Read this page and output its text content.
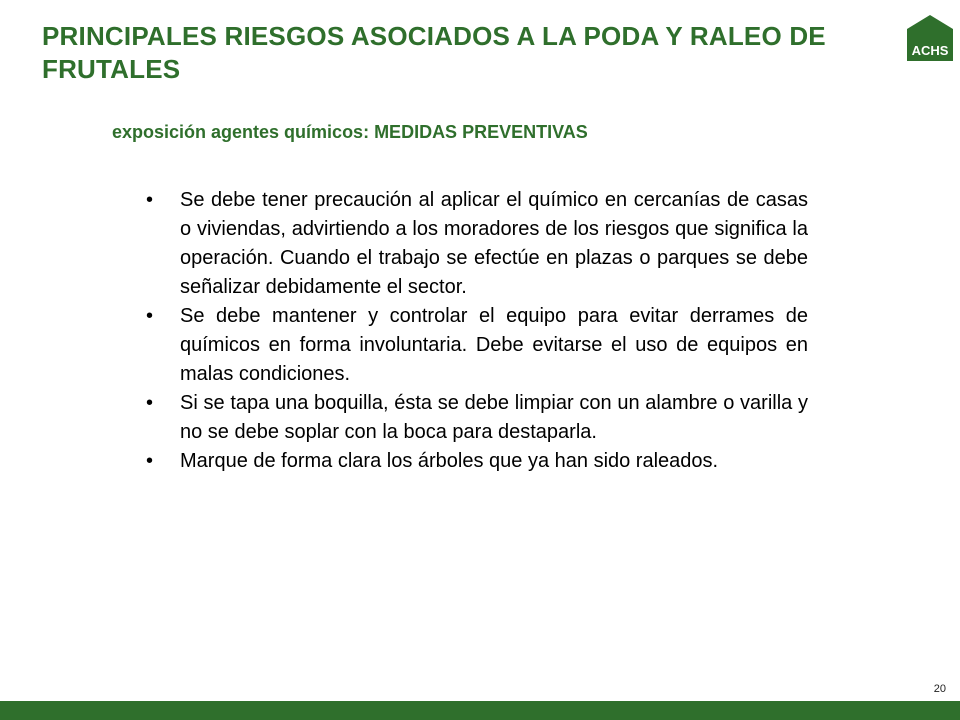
PRINCIPALES RIESGOS ASOCIADOS A LA PODA Y RALEO DE FRUTALES
ACHS
exposición agentes químicos: MEDIDAS PREVENTIVAS
• Se debe tener precaución al aplicar el químico en cercanías de casas o viviendas, advirtiendo a los moradores de los riesgos que significa la operación. Cuando el trabajo se efectúe en plazas o parques se debe señalizar debidamente el sector.
• Se debe mantener y controlar el equipo para evitar derrames de químicos en forma involuntaria. Debe evitarse el uso de equipos en malas condiciones.
• Si se tapa una boquilla, ésta se debe limpiar con un alambre o varilla y no se debe soplar con la boca para destaparla.
• Marque de forma clara los árboles que ya han sido raleados.
20
